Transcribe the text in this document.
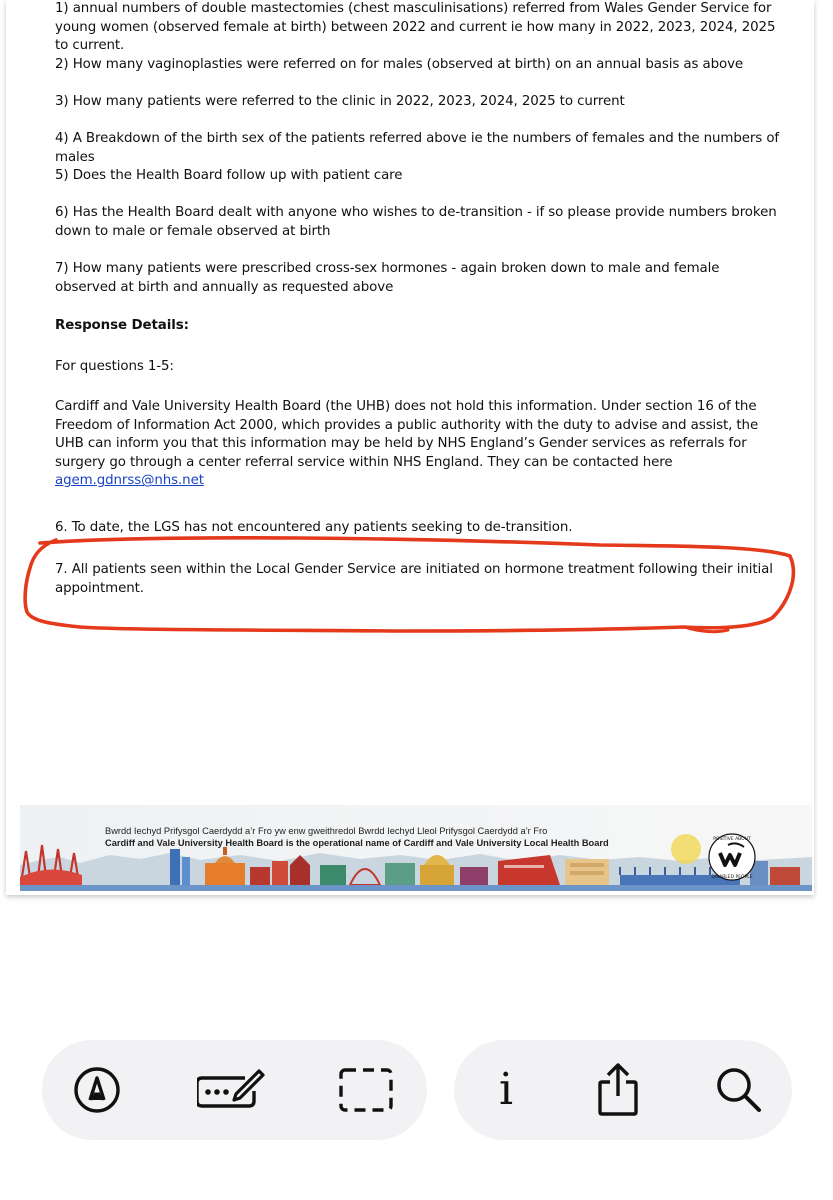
1) annual numbers of double mastectomies (chest masculinisations) referred from Wales Gender Service for young women (observed female at birth) between 2022 and current ie how many in 2022, 2023, 2024, 2025 to current.

2) How many vaginoplasties were referred on for males (observed at birth) on an annual basis as above

3) How many patients were referred to the clinic in 2022, 2023, 2024, 2025 to current

4) A Breakdown of the birth sex of the patients referred above ie the numbers of females and the numbers of males

5) Does the Health Board follow up with patient care

6) Has the Health Board dealt with anyone who wishes to de-transition - if so please provide numbers broken down to male or female observed at birth

7) How many patients were prescribed cross-sex hormones - again broken down to male and female observed at birth and annually as requested above

Response Details:

For questions 1-5:

Cardiff and Vale University Health Board (the UHB) does not hold this information. Under section 16 of the Freedom of Information Act 2000, which provides a public authority with the duty to advise and assist, the UHB can inform you that this information may be held by NHS England’s Gender services as referrals for surgery go through a center referral service within NHS England. They can be contacted here
agem.gdnrss@nhs.net

6. To date, the LGS has not encountered any patients seeking to de-transition.

7. All patients seen within the Local Gender Service are initiated on hormone treatment following their initial appointment.

Bwrdd Iechyd Prifysgol Caerdydd a’r Fro yw enw gweithredol Bwrdd Iechyd Lleol Prifysgol Caerdydd a’r Fro
Cardiff and Vale University Health Board is the operational name of Cardiff and Vale University Local Health Board	POSITIVE ABOUT
DISABLED PEOPLE
i
